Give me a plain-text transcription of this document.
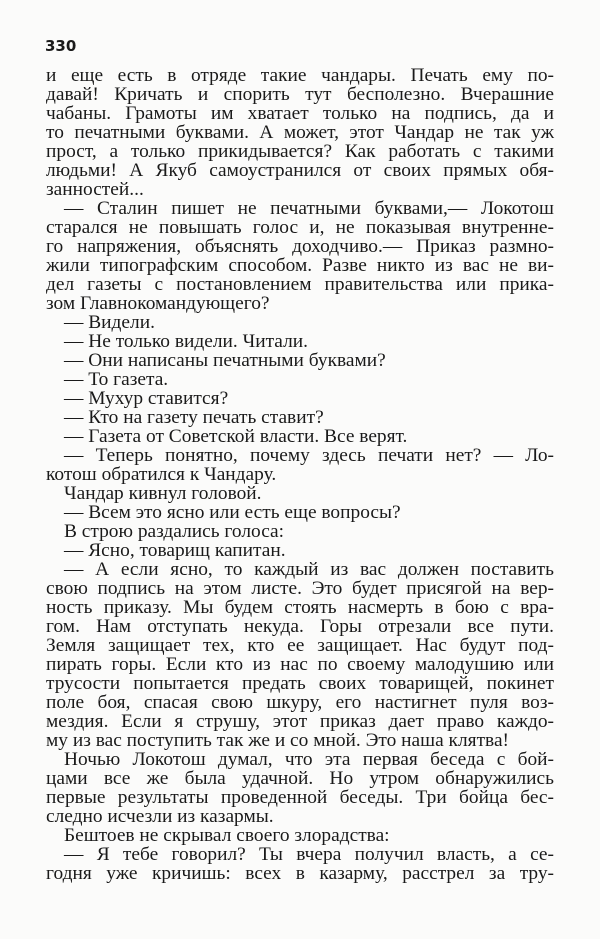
330
и еще есть в отряде такие чандары. Печать ему по-
давай! Кричать и спорить тут бесполезно. Вчерашние
чабаны. Грамоты им хватает только на подпись, да и
то печатными буквами. А может, этот Чандар не так уж
прост, а только прикидывается? Как работать с такими
людьми! А Якуб самоустранился от своих прямых обя-
занностей...
— Сталин пишет не печатными буквами,— Локотош
старался не повышать голос и, не показывая внутренне-
го напряжения, объяснять доходчиво.— Приказ размно-
жили типографским способом. Разве никто из вас не ви-
дел газеты с постановлением правительства или прика-
зом Главнокомандующего?
— Видели.
— Не только видели. Читали.
— Они написаны печатными буквами?
— То газета.
— Мухур ставится?
— Кто на газету печать ставит?
— Газета от Советской власти. Все верят.
— Теперь понятно, почему здесь печати нет? — Ло-
котош обратился к Чандару.
Чандар кивнул головой.
— Всем это ясно или есть еще вопросы?
В строю раздались голоса:
— Ясно, товарищ капитан.
— А если ясно, то каждый из вас должен поставить
свою подпись на этом листе. Это будет присягой на вер-
ность приказу. Мы будем стоять насмерть в бою с вра-
гом. Нам отступать некуда. Горы отрезали все пути.
Земля защищает тех, кто ее защищает. Нас будут под-
пирать горы. Если кто из нас по своему малодушию или
трусости попытается предать своих товарищей, покинет
поле боя, спасая свою шкуру, его настигнет пуля воз-
мездия. Если я струшу, этот приказ дает право каждо-
му из вас поступить так же и со мной. Это наша клятва!
Ночью Локотош думал, что эта первая беседа с бой-
цами все же была удачной. Но утром обнаружились
первые результаты проведенной беседы. Три бойца бес-
следно исчезли из казармы.
Бештоев не скрывал своего злорадства:
— Я тебе говорил? Ты вчера получил власть, а се-
годня уже кричишь: всех в казарму, расстрел за тру-
